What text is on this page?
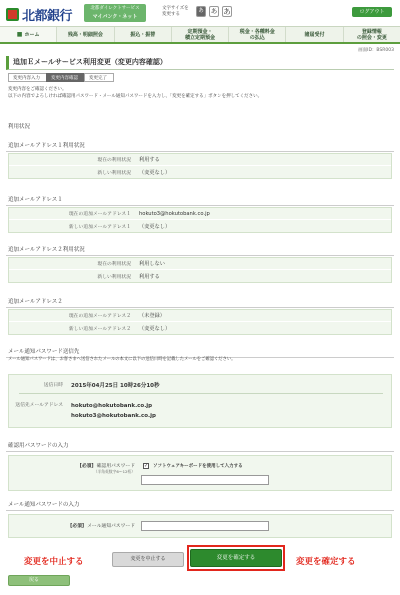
北都銀行
北都ダイレクトサービス
マイバンク・ネット
文字サイズを
変更する
あ	あ あ	ログアウト
■ ホーム	残高・明細照会	振込・振替	定期預金・
積立定期預金
税金・各種料金
の払込	諸届受付	登録情報
の照会・変更
画面ID：BSR003
追加Ｅメールサービス利用変更（変更内容確認）
変更内容入力	変更内容確認	変更完了
変更内容をご確認ください。
以下の内容でよろしければ確認用パスワード・メール通知パスワードを入力し、「変更を確定する」ボタンを押してください。
利用状況
追加メールアドレス１利用状況
現在の利用状況	利用する
新しい利用状況	（変更なし）
追加メールアドレス１
現在の追加メールアドレス１	hokuto3@hokutobank.co.jp
新しい追加メールアドレス１	（変更なし）
追加メールアドレス２利用状況
現在の利用状況	利用しない
新しい利用状況	利用する
追加メールアドレス２
現在の追加メールアドレス２	（未登録）
新しい追加メールアドレス２	（変更なし）
メール通知パスワード送信先
メール通知パスワードは、お客さまへ送信されたメールの本文に以下の送信日時を記載したメールをご確認ください。
送信日時	2015年04月25日 10時26分10秒
送信先メールアドレス	hokuto@hokutobank.co.jp
hokuto3@hokutobank.co.jp
確認用パスワードの入力
[必須] 確認用パスワード
（半角英数字6～12桁）
✓ ソフトウェアキーボードを使用して入力する
メール通知パスワードの入力
[必須] メール通知パスワード
変更を中止する	変更を中止する	変更を確定する	変更を確定する
戻る
